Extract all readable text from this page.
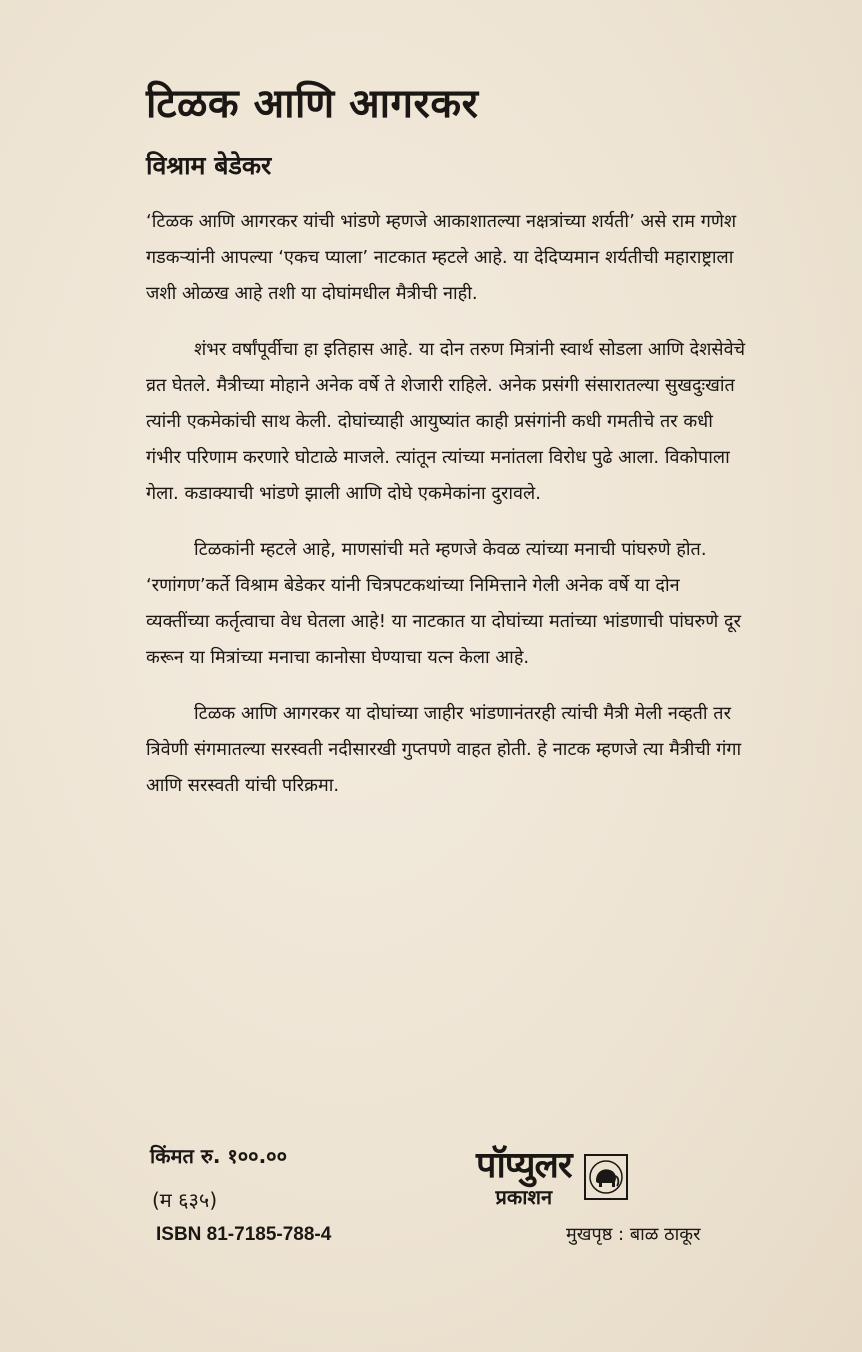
टिळक आणि आगरकर
विश्राम बेडेकर

‘टिळक आणि आगरकर यांची भांडणे म्हणजे आकाशातल्या नक्षत्रांच्या शर्यती’ असे राम गणेश गडकऱ्यांनी आपल्या ‘एकच प्याला’ नाटकात म्हटले आहे. या देदिप्यमान शर्यतीची महाराष्ट्राला जशी ओळख आहे तशी या दोघांमधील मैत्रीची नाही.

शंभर वर्षांपूर्वीचा हा इतिहास आहे. या दोन तरुण मित्रांनी स्वार्थ सोडला आणि देशसेवेचे व्रत घेतले. मैत्रीच्या मोहाने अनेक वर्षे ते शेजारी राहिले. अनेक प्रसंगी संसारातल्या सुखदुःखांत त्यांनी एकमेकांची साथ केली. दोघांच्याही आयुष्यांत काही प्रसंगांनी कधी गमतीचे तर कधी गंभीर परिणाम करणारे घोटाळे माजले. त्यांतून त्यांच्या मनांतला विरोध पुढे आला. विकोपाला गेला. कडाक्याची भांडणे झाली आणि दोघे एकमेकांना दुरावले.

टिळकांनी म्हटले आहे, माणसांची मते म्हणजे केवळ त्यांच्या मनाची पांघरुणे होत. ‘रणांगण’कर्ते विश्राम बेडेकर यांनी चित्रपटकथांच्या निमित्ताने गेली अनेक वर्षे या दोन व्यक्तींच्या कर्तृत्वाचा वेध घेतला आहे! या नाटकात या दोघांच्या मतांच्या भांडणाची पांघरुणे दूर करून या मित्रांच्या मनाचा कानोसा घेण्याचा यत्न केला आहे.

टिळक आणि आगरकर या दोघांच्या जाहीर भांडणानंतरही त्यांची मैत्री मेली नव्हती तर त्रिवेणी संगमातल्या सरस्वती नदीसारखी गुप्तपणे वाहत होती. हे नाटक म्हणजे त्या मैत्रीची गंगा आणि सरस्वती यांची परिक्रमा.

किंमत रु. १००.००
(म ६३५)
ISBN 81-7185-788-4
पॉप्युलर
प्रकाशन
मुखपृष्ठ : बाळ ठाकूर
